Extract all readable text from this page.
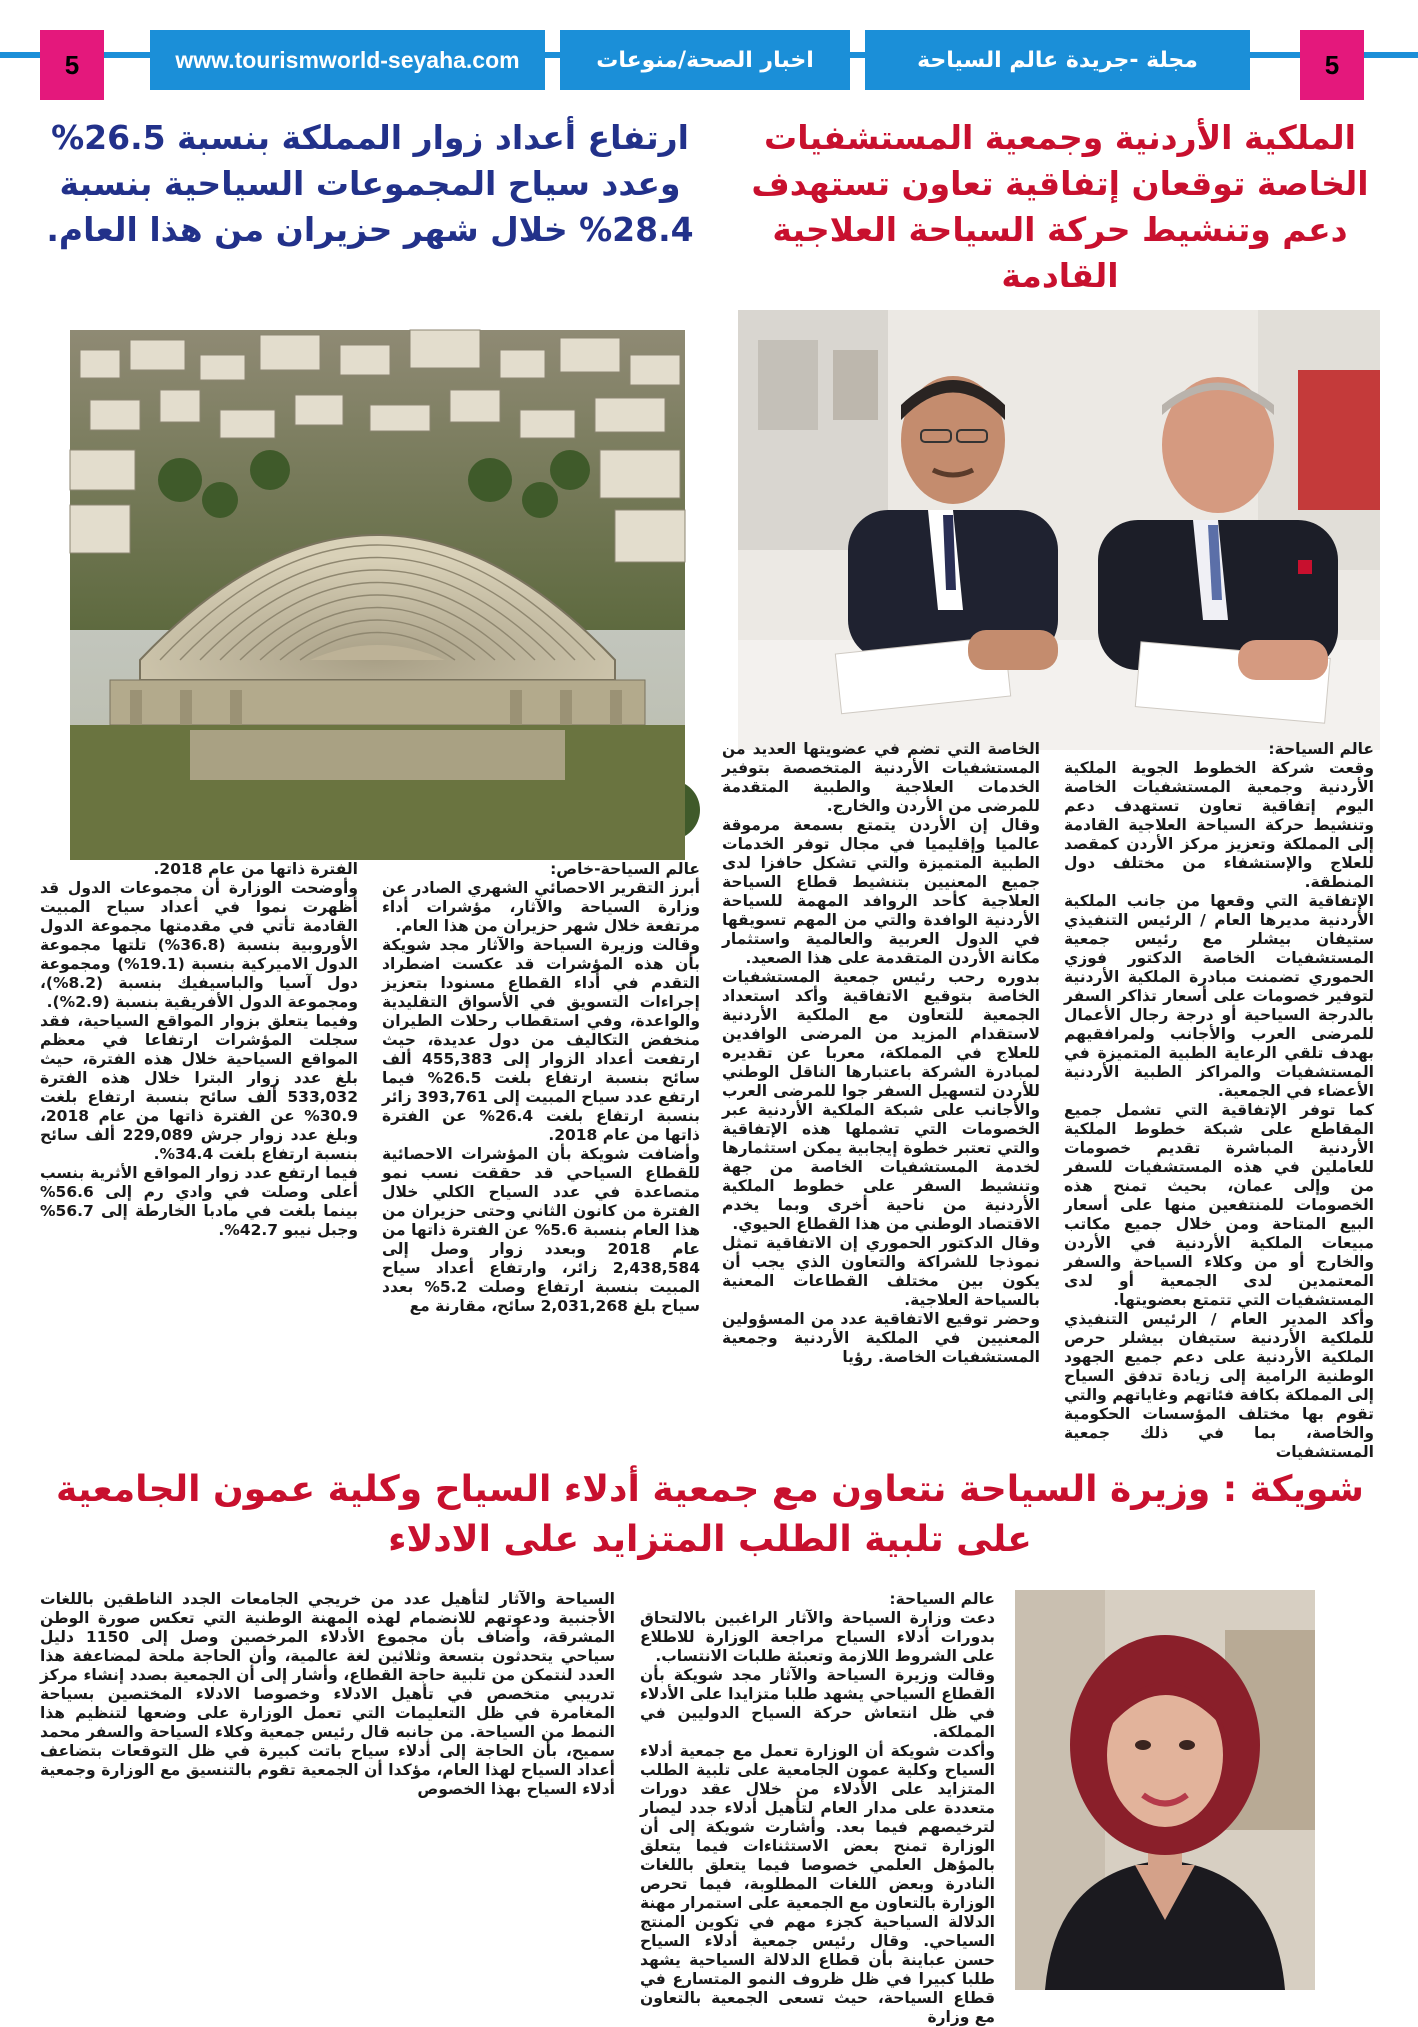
5	www.tourismworld-seyaha.com	اخبار الصحة/منوعات	مجلة -جريدة عالم السياحة	5
الملكية الأردنية وجمعية المستشفيات الخاصة توقعان إتفاقية تعاون تستهدف دعم وتنشيط حركة السياحة العلاجية القادمة
ارتفاع أعداد زوار المملكة بنسبة 26.5% وعدد سياح المجموعات السياحية بنسبة 28.4% خلال شهر حزيران من هذا العام.
عالم السياحة:
وقعت شركة الخطوط الجوية الملكية الأردنية وجمعية المستشفيات الخاصة اليوم إتفاقية تعاون تستهدف دعم وتنشيط حركة السياحة العلاجية القادمة إلى المملكة وتعزيز مركز الأردن كمقصد للعلاج والإستشفاء من مختلف دول المنطقة.
الإتفاقية التي وقعها من جانب الملكية الأردنية مديرها العام / الرئيس التنفيذي ستيفان بيشلر مع رئيس جمعية المستشفيات الخاصة الدكتور فوزي الحموري تضمنت مبادرة الملكية الأردنية لتوفير خصومات على أسعار تذاكر السفر بالدرجة السياحية أو درجة رجال الأعمال للمرضى العرب والأجانب ولمرافقيهم بهدف تلقي الرعاية الطبية المتميزة في المستشفيات والمراكز الطبية الأردنية الأعضاء في الجمعية.
كما توفر الإتفاقية التي تشمل جميع المقاطع على شبكة خطوط الملكية الأردنية المباشرة تقديم خصومات للعاملين في هذه المستشفيات للسفر من وإلى عمان، بحيث تمنح هذه الخصومات للمنتفعين منها على أسعار البيع المتاحة ومن خلال جميع مكاتب مبيعات الملكية الأردنية في الأردن والخارج أو من وكلاء السياحة والسفر المعتمدين لدى الجمعية أو لدى المستشفيات التي تتمتع بعضويتها.
وأكد المدير العام / الرئيس التنفيذي للملكية الأردنية ستيفان بيشلر حرص الملكية الأردنية على دعم جميع الجهود الوطنية الرامية إلى زيادة تدفق السياح إلى المملكة بكافة فئاتهم وغاياتهم والتي تقوم بها مختلف المؤسسات الحكومية والخاصة، بما في ذلك جمعية المستشفيات
الخاصة التي تضم في عضويتها العديد من المستشفيات الأردنية المتخصصة بتوفير الخدمات العلاجية والطبية المتقدمة للمرضى من الأردن والخارج.
وقال إن الأردن يتمتع بسمعة مرموقة عالميا وإقليميا في مجال توفر الخدمات الطبية المتميزة والتي تشكل حافزا لدى جميع المعنيين بتنشيط قطاع السياحة العلاجية كأحد الروافد المهمة للسياحة الأردنية الوافدة والتي من المهم تسويقها في الدول العربية والعالمية واستثمار مكانة الأردن المتقدمة على هذا الصعيد.
بدوره رحب رئيس جمعية المستشفيات الخاصة بتوقيع الاتفاقية وأكد استعداد الجمعية للتعاون مع الملكية الأردنية لاستقدام المزيد من المرضى الوافدين للعلاج في المملكة، معربا عن تقديره لمبادرة الشركة باعتبارها الناقل الوطني للأردن لتسهيل السفر جوا للمرضى العرب والأجانب على شبكة الملكية الأردنية عبر الخصومات التي تشملها هذه الإتفاقية والتي تعتبر خطوة إيجابية يمكن استثمارها لخدمة المستشفيات الخاصة من جهة وتنشيط السفر على خطوط الملكية الأردنية من ناحية أخرى وبما يخدم الاقتصاد الوطني من هذا القطاع الحيوي.
وقال الدكتور الحموري إن الاتفاقية تمثل نموذجا للشراكة والتعاون الذي يجب أن يكون بين مختلف القطاعات المعنية بالسياحة العلاجية.
وحضر توقيع الاتفاقية عدد من المسؤولين المعنيين في الملكية الأردنية وجمعية المستشفيات الخاصة. رؤيا
عالم السياحة-خاص:
أبرز التقرير الاحصائي الشهري الصادر عن وزارة السياحة والآثار، مؤشرات أداء مرتفعة خلال شهر حزيران من هذا العام.
وقالت وزيرة السياحة والآثار مجد شويكة بأن هذه المؤشرات قد عكست اضطراد التقدم في أداء القطاع مسنودا بتعزيز إجراءات التسويق في الأسواق التقليدية والواعدة، وفي استقطاب رحلات الطيران منخفض التكاليف من دول عديدة، حيث ارتفعت أعداد الزوار إلى 455,383 ألف سائح بنسبة ارتفاع بلغت 26.5% فيما ارتفع عدد سياح المبيت إلى 393,761 زائر بنسبة ارتفاع بلغت 26.4% عن الفترة ذاتها من عام 2018.
وأضافت شويكة بأن المؤشرات الاحصائية للقطاع السياحي قد حققت نسب نمو متصاعدة في عدد السياح الكلي خلال الفترة من كانون الثاني وحتى حزيران من هذا العام بنسبة 5.6% عن الفترة ذاتها من عام 2018 وبعدد زوار وصل إلى 2,438,584 زائر، وارتفاع أعداد سياح المبيت بنسبة ارتفاع وصلت 5.2% بعدد سياح بلغ 2,031,268 سائح، مقارنة مع
الفترة ذاتها من عام 2018.
وأوضحت الوزارة أن مجموعات الدول قد أظهرت نموا في أعداد سياح المبيت القادمة تأتي في مقدمتها مجموعة الدول الأوروبية بنسبة (36.8%) تلتها مجموعة الدول الاميركية بنسبة (19.1%) ومجموعة دول آسيا والباسيفيك بنسبة (8.2%)، ومجموعة الدول الأفريقية بنسبة (2.9%).
وفيما يتعلق بزوار المواقع السياحية، فقد سجلت المؤشرات ارتفاعا في معظم المواقع السياحية خلال هذه الفترة، حيث بلغ عدد زوار البترا خلال هذه الفترة 533,032 ألف سائح بنسبة ارتفاع بلغت 30.9% عن الفترة ذاتها من عام 2018، وبلغ عدد زوار جرش 229,089 ألف سائح بنسبة ارتفاع بلغت 34.4%.
فيما ارتفع عدد زوار المواقع الأثرية بنسب أعلى وصلت في وادي رم إلى 56.6% بينما بلغت في مادبا الخارطة إلى 56.7% وجبل نيبو 42.7%.
شويكة : وزيرة السياحة نتعاون مع جمعية أدلاء السياح وكلية عمون الجامعية
على تلبية الطلب المتزايد على الادلاء
عالم السياحة:
دعت وزارة السياحة والآثار الراغبين بالالتحاق بدورات أدلاء السياح مراجعة الوزارة للاطلاع على الشروط اللازمة وتعبئة طلبات الانتساب.
وقالت وزيرة السياحة والآثار مجد شويكة بأن القطاع السياحي يشهد طلبا متزايدا على الأدلاء في ظل انتعاش حركة السياح الدوليين في المملكة.
وأكدت شويكة أن الوزارة تعمل مع جمعية أدلاء السياح وكلية عمون الجامعية على تلبية الطلب المتزايد على الأدلاء من خلال عقد دورات متعددة على مدار العام لتأهيل أدلاء جدد ليصار لترخيصهم فيما بعد. وأشارت شويكة إلى أن الوزارة تمنح بعض الاستثناءات فيما يتعلق بالمؤهل العلمي خصوصا فيما يتعلق باللغات النادرة وبعض اللغات المطلوبة، فيما تحرص الوزارة بالتعاون مع الجمعية على استمرار مهنة الدلالة السياحية كجزء مهم في تكوين المنتج السياحي. وقال رئيس جمعية أدلاء السياح حسن عباينة بأن قطاع الدلالة السياحية يشهد طلبا كبيرا في ظل ظروف النمو المتسارع في قطاع السياحة، حيث تسعى الجمعية بالتعاون مع وزارة
السياحة والآثار لتأهيل عدد من خريجي الجامعات الجدد الناطقين باللغات الأجنبية ودعوتهم للانضمام لهذه المهنة الوطنية التي تعكس صورة الوطن المشرقة، وأضاف بأن مجموع الأدلاء المرخصين وصل إلى 1150 دليل سياحي يتحدثون بتسعة وثلاثين لغة عالمية، وأن الحاجة ملحة لمضاعفة هذا العدد لنتمكن من تلبية حاجة القطاع، وأشار إلى أن الجمعية بصدد إنشاء مركز تدريبي متخصص في تأهيل الادلاء وخصوصا الادلاء المختصين بسياحة المغامرة في ظل التعليمات التي تعمل الوزارة على وضعها لتنظيم هذا النمط من السياحة. من جانبه قال رئيس جمعية وكلاء السياحة والسفر محمد سميح، بأن الحاجة إلى أدلاء سياح باتت كبيرة في ظل التوقعات بتضاعف أعداد السياح لهذا العام، مؤكدا أن الجمعية تقوم بالتنسيق مع الوزارة وجمعية أدلاء السياح بهذا الخصوص
